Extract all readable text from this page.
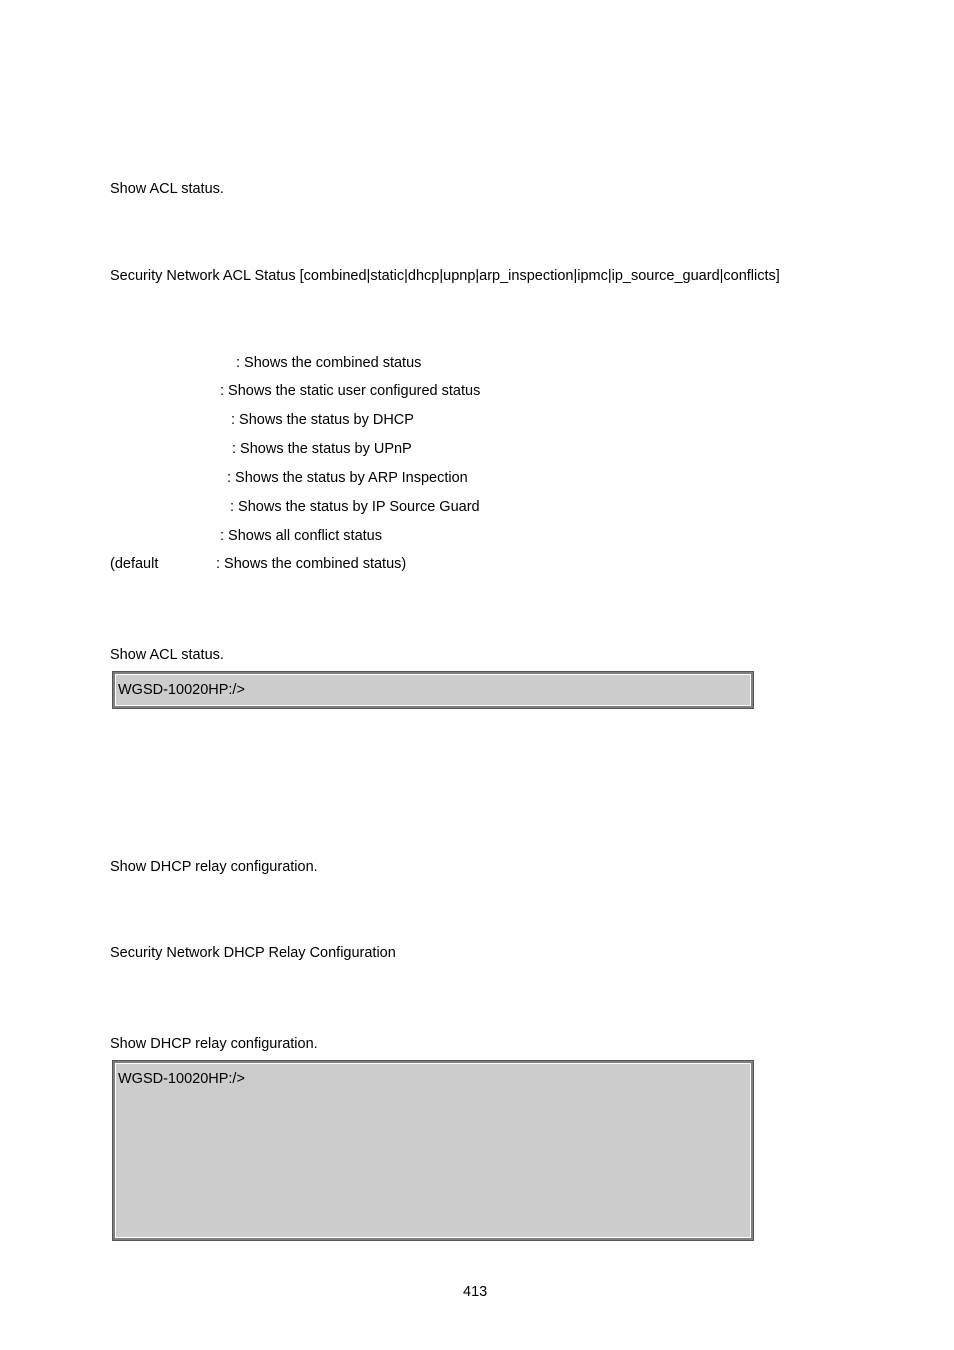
Show ACL status.
Security Network ACL Status [combined|static|dhcp|upnp|arp_inspection|ipmc|ip_source_guard|conflicts]
: Shows the combined status
: Shows the static user configured status
: Shows the status by DHCP
: Shows the status by UPnP
: Shows the status by ARP Inspection
: Shows the status by IP Source Guard
: Shows all conflict status
(default	: Shows the combined status)
Show ACL status.
WGSD-10020HP:/>
Show DHCP relay configuration.
Security Network DHCP Relay Configuration
Show DHCP relay configuration.
WGSD-10020HP:/>
413
